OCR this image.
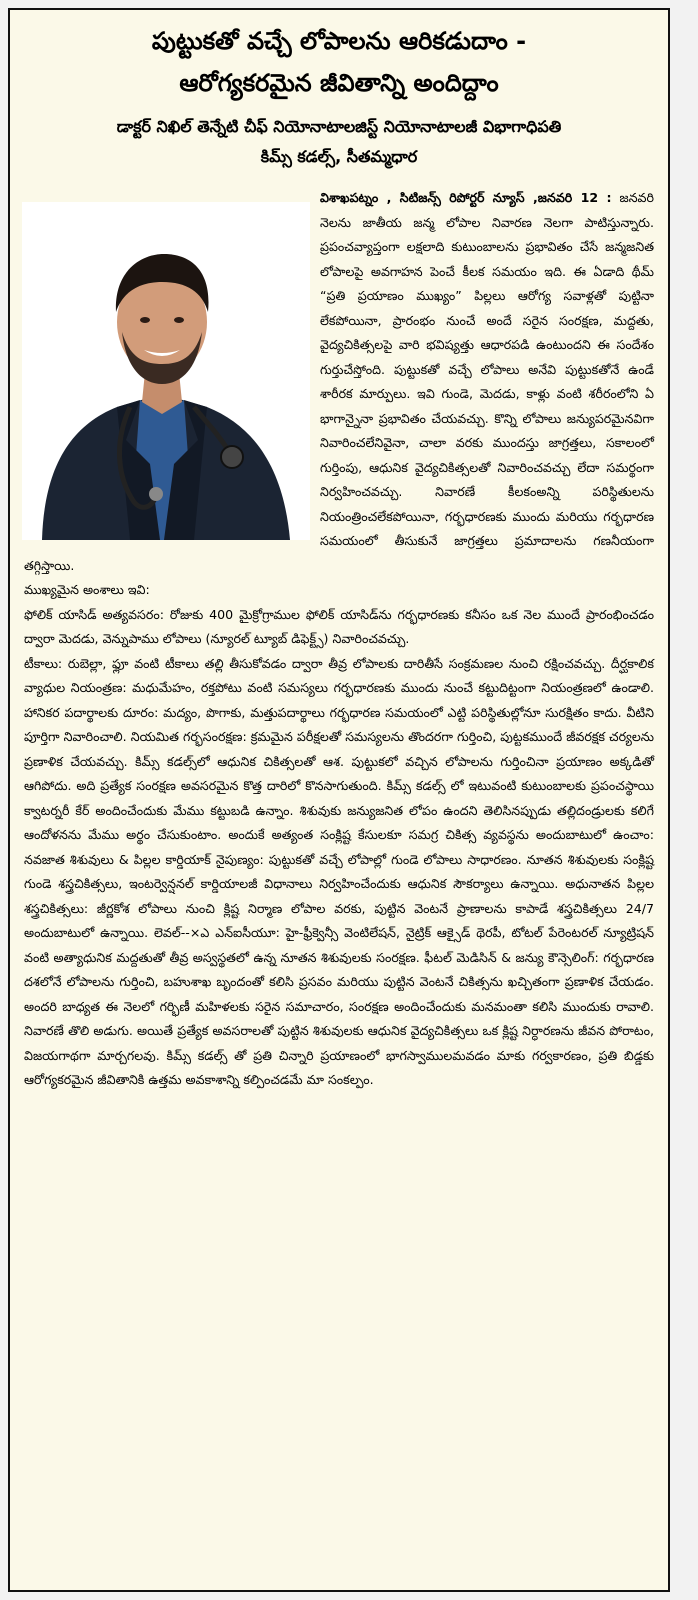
పుట్టుకతో వచ్చే లోపాలను ఆరికడుదాం -
ఆరోగ్యకరమైన జీవితాన్ని అందిద్దాం
డాక్టర్ నిఖిల్ తెన్నేటి చీఫ్ నియోనాటాలజిస్ట్ నియోనాటాలజీ విభాగాధిపతి
కిమ్స్ కడల్స్, సీతమ్మధార

విశాఖపట్నం , సిటిజన్స్ రిపోర్టర్ న్యూస్ ,జనవరి 12 : జనవరి నెలను జాతీయ జన్మ లోపాల నివారణ నెలగా పాటిస్తున్నారు. ప్రపంచవ్యాప్తంగా లక్షలాది కుటుంబాలను ప్రభావితం చేసే జన్మజనిత లోపాలపై అవగాహన పెంచే కీలక సమయం ఇది. ఈ ఏడాది థీమ్ “ప్రతి ప్రయాణం ముఖ్యం” పిల్లలు ఆరోగ్య సవాళ్లతో పుట్టినా లేకపోయినా, ప్రారంభం నుంచే అందే సరైన సంరక్షణ, మద్దతు, వైద్యచికిత్సలపై వారి భవిష్యత్తు ఆధారపడి ఉంటుందని ఈ సందేశం గుర్తుచేస్తోంది. పుట్టుకతో వచ్చే లోపాలు అనేవి పుట్టుకతోనే ఉండే శారీరక మార్పులు. ఇవి గుండె, మెదడు, కాళ్లు వంటి శరీరంలోని ఏ భాగాన్నైనా ప్రభావితం చేయవచ్చు. కొన్ని లోపాలు జన్యుపరమైనవిగా నివారించలేనివైనా, చాలా వరకు ముందస్తు జాగ్రత్తలు, సకాలంలో గుర్తింపు, ఆధునిక వైద్యచికిత్సలతో నివారించవచ్చు లేదా సమర్థంగా నిర్వహించవచ్చు. నివారణే కీలకంఅన్ని పరిస్థితులను నియంత్రించలేకపోయినా, గర్భధారణకు ముందు మరియు గర్భధారణ సమయంలో తీసుకునే జాగ్రత్తలు ప్రమాదాలను గణనీయంగా తగ్గిస్తాయి.

ముఖ్యమైన అంశాలు ఇవి:

ఫోలిక్ యాసిడ్ అత్యవసరం: రోజుకు 400 మైక్రోగ్రాముల ఫోలిక్ యాసిడ్‌ను గర్భధారణకు కనీసం ఒక నెల ముందే ప్రారంభించడం ద్వారా మెదడు, వెన్నుపాము లోపాలు (న్యూరల్ ట్యూబ్ డిఫెక్ట్స్) నివారించవచ్చు.

టీకాలు: రుబెల్లా, ఫ్లూ వంటి టీకాలు తల్లి తీసుకోవడం ద్వారా తీవ్ర లోపాలకు దారితీసే సంక్రమణల నుంచి రక్షించవచ్చు. దీర్ఘకాలిక వ్యాధుల నియంత్రణ: మధుమేహం, రక్తపోటు వంటి సమస్యలు గర్భధారణకు ముందు నుంచే కట్టుదిట్టంగా నియంత్రణలో ఉండాలి. హానికర పదార్థాలకు దూరం: మద్యం, పొగాకు, మత్తుపదార్థాలు గర్భధారణ సమయంలో ఎట్టి పరిస్థితుల్లోనూ సురక్షితం కాదు. వీటిని పూర్తిగా నివారించాలి. నియమిత గర్భసంరక్షణ: క్రమమైన పరీక్షలతో సమస్యలను తొందరగా గుర్తించి, పుట్టకముందే జీవరక్షక చర్యలను ప్రణాళిక చేయవచ్చు. కిమ్స్ కడల్స్‌లో ఆధునిక చికిత్సలతో ఆశ. పుట్టుకలో వచ్చిన లోపాలను గుర్తించినా ప్రయాణం అక్కడితో ఆగిపోదు. అది ప్రత్యేక సంరక్షణ అవసరమైన కొత్త దారిలో కొనసాగుతుంది. కిమ్స్ కడల్స్ లో ఇటువంటి కుటుంబాలకు ప్రపంచస్థాయి క్వాటర్నరీ కేర్ అందించేందుకు మేము కట్టుబడి ఉన్నాం. శిశువుకు జన్యుజనిత లోపం ఉందని తెలిసినప్పుడు తల్లిదండ్రులకు కలిగే ఆందోళనను మేము అర్థం చేసుకుంటాం. అందుకే అత్యంత సంక్లిష్ట కేసులకూ సమగ్ర చికిత్స వ్యవస్థను అందుబాటులో ఉంచాం: నవజాత శిశువులు & పిల్లల కార్డియాక్ నైపుణ్యం: పుట్టుకతో వచ్చే లోపాల్లో గుండె లోపాలు సాధారణం. నూతన శిశువులకు సంక్లిష్ట గుండె శస్త్రచికిత్సలు, ఇంటర్వెన్షనల్ కార్డియాలజీ విధానాలు నిర్వహించేందుకు ఆధునిక సౌకర్యాలు ఉన్నాయి. అధునాతన పిల్లల శస్త్రచికిత్సలు: జీర్ణకోశ లోపాలు నుంచి క్లిష్ట నిర్మాణ లోపాల వరకు, పుట్టిన వెంటనే ప్రాణాలను కాపాడే శస్త్రచికిత్సలు 24/7 అందుబాటులో ఉన్నాయి. లెవల్--×ఎ ఎన్ఐసీయూ: హై-ఫ్రీక్వెన్సీ వెంటిలేషన్, నైట్రిక్ ఆక్సైడ్ థెరపీ, టోటల్ పేరెంటరల్ న్యూట్రిషన్ వంటి అత్యాధునిక మద్దతుతో తీవ్ర అస్వస్థతలో ఉన్న నూతన శిశువులకు సంరక్షణ. ఫీటల్ మెడిసిన్ & జన్యు కౌన్సెలింగ్: గర్భధారణ దశలోనే లోపాలను గుర్తించి, బహుశాఖ బృందంతో కలిసి ప్రసవం మరియు పుట్టిన వెంటనే చికిత్సను ఖచ్చితంగా ప్రణాళిక చేయడం. అందరి బాధ్యత ఈ నెలలో గర్భిణీ మహిళలకు సరైన సమాచారం, సంరక్షణ అందించేందుకు మనమంతా కలిసి ముందుకు రావాలి. నివారణే తొలి అడుగు. అయితే ప్రత్యేక అవసరాలతో పుట్టిన శిశువులకు ఆధునిక వైద్యచికిత్సలు ఒక క్లిష్ట నిర్ధారణను జీవన పోరాటం, విజయగాథగా మార్చగలవు. కిమ్స్ కడల్స్ తో ప్రతి చిన్నారి ప్రయాణంలో భాగస్వాములమవడం మాకు గర్వకారణం, ప్రతి బిడ్డకు ఆరోగ్యకరమైన జీవితానికి ఉత్తమ అవకాశాన్ని కల్పించడమే మా సంకల్పం.
